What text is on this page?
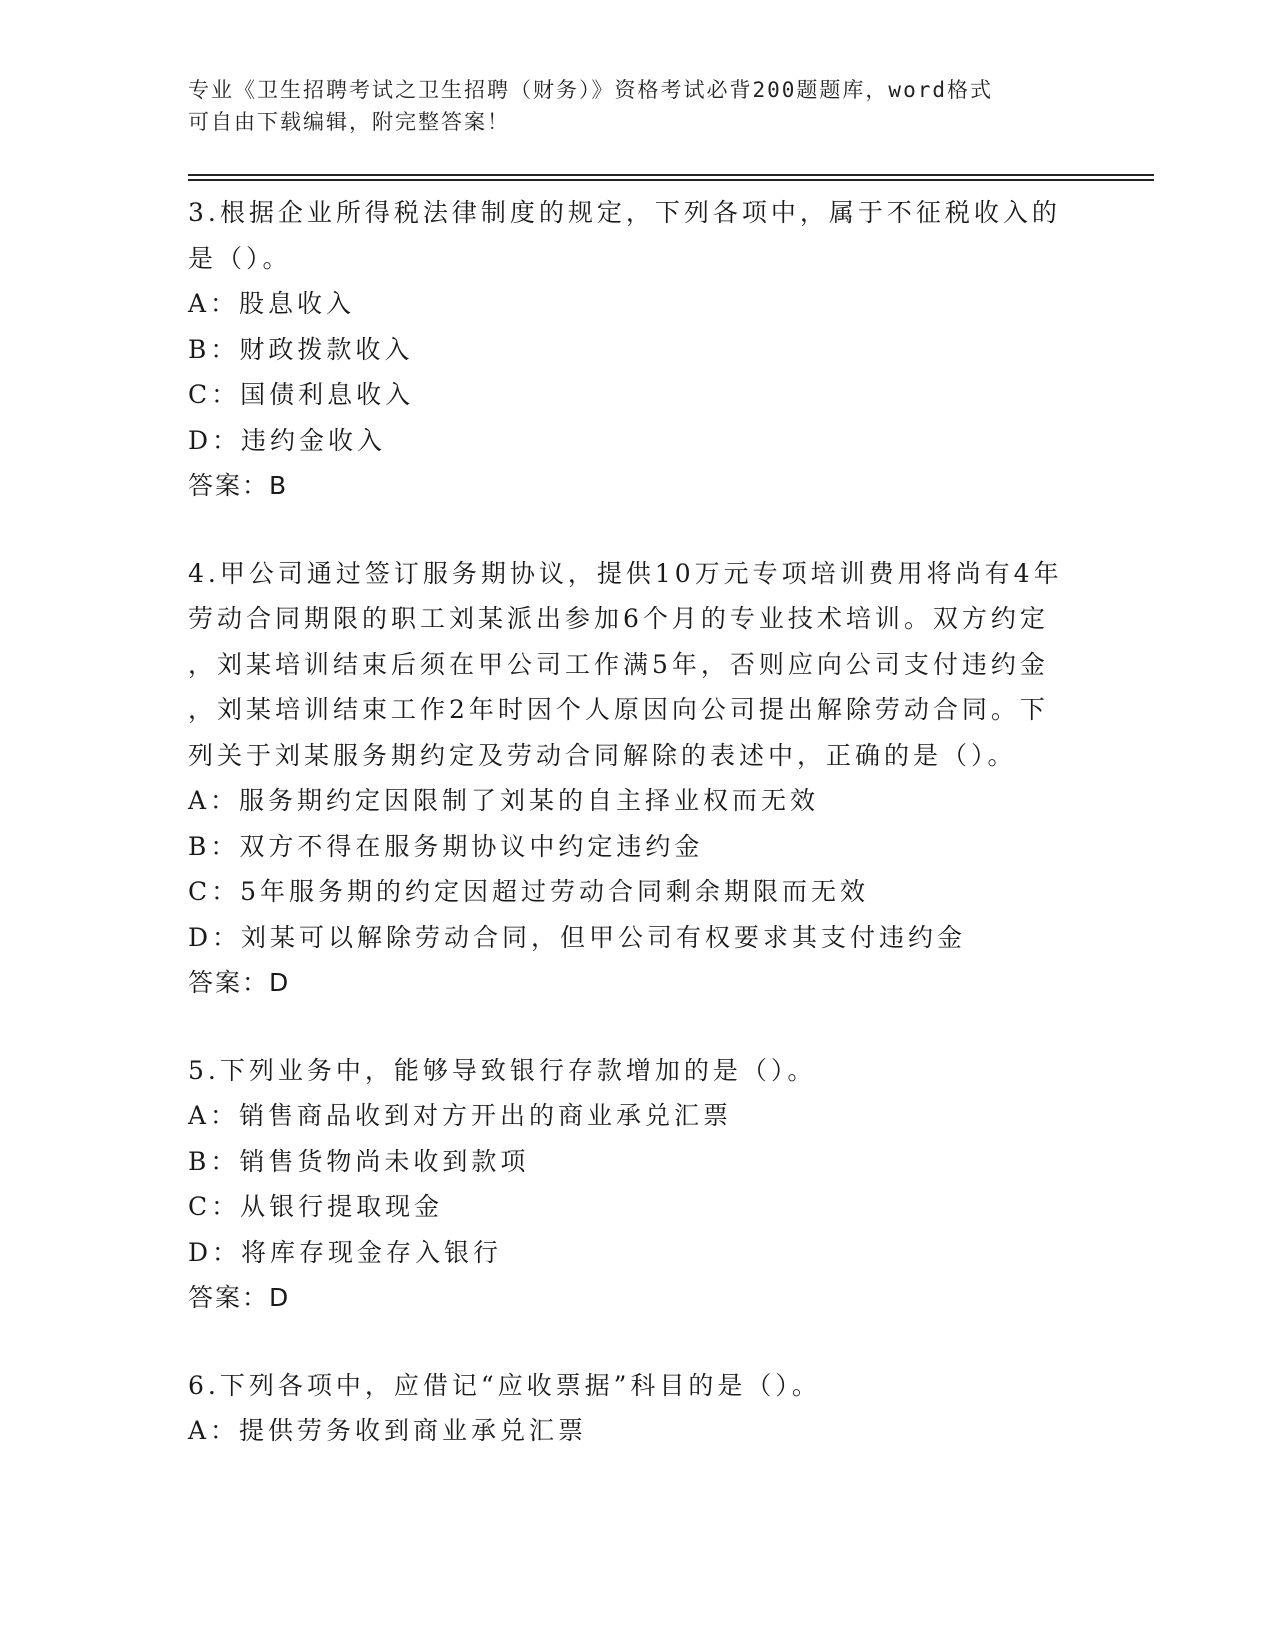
专业《卫生招聘考试之卫生招聘（财务）》资格考试必背200题题库，word格式
可自由下载编辑，附完整答案！
3.根据企业所得税法律制度的规定，下列各项中，属于不征税收入的
是（）。
A：股息收入
B：财政拨款收入
C：国债利息收入
D：违约金收入
答案：B
4.甲公司通过签订服务期协议，提供10万元专项培训费用将尚有4年
劳动合同期限的职工刘某派出参加6个月的专业技术培训。双方约定
，刘某培训结束后须在甲公司工作满5年，否则应向公司支付违约金
，刘某培训结束工作2年时因个人原因向公司提出解除劳动合同。下
列关于刘某服务期约定及劳动合同解除的表述中，正确的是（）。
A：服务期约定因限制了刘某的自主择业权而无效
B：双方不得在服务期协议中约定违约金
C：5年服务期的约定因超过劳动合同剩余期限而无效
D：刘某可以解除劳动合同，但甲公司有权要求其支付违约金
答案：D
5.下列业务中，能够导致银行存款增加的是（）。
A：销售商品收到对方开出的商业承兑汇票
B：销售货物尚未收到款项
C：从银行提取现金
D：将库存现金存入银行
答案：D
6.下列各项中，应借记“应收票据”科目的是（）。
A：提供劳务收到商业承兑汇票
